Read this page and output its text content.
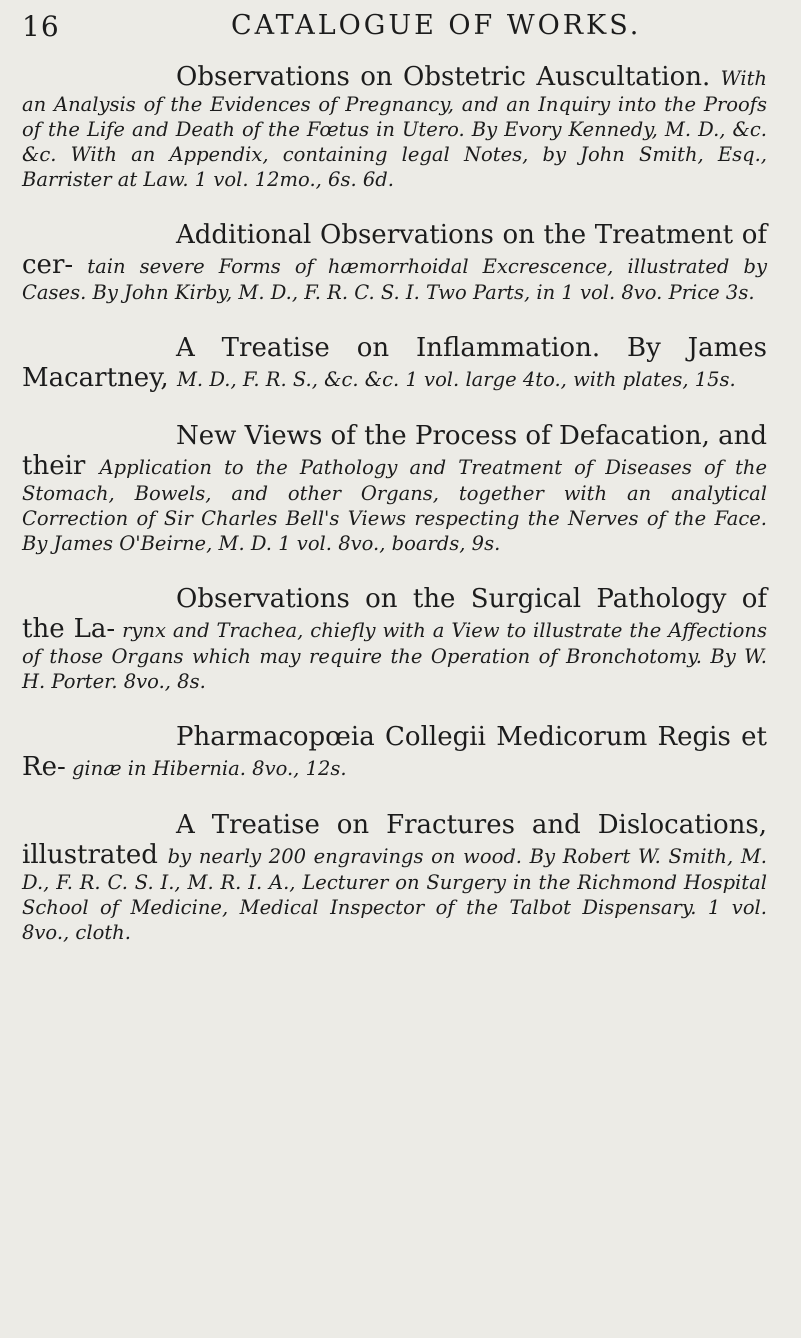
16	CATALOGUE OF WORKS.

Observations on Obstetric Auscultation. With an Analysis of the Evidences of Pregnancy, and an Inquiry into the Proofs of the Life and Death of the Fœtus in Utero. By Evory Kennedy, M. D., &c. &c. With an Appendix, containing legal Notes, by John Smith, Esq., Barrister at Law. 1 vol. 12mo., 6s. 6d.

Additional Observations on the Treatment of cer- tain severe Forms of hæmorrhoidal Excrescence, illustrated by Cases. By John Kirby, M. D., F. R. C. S. I. Two Parts, in 1 vol. 8vo. Price 3s.

A Treatise on Inflammation. By James Macartney, M. D., F. R. S., &c. &c. 1 vol. large 4to., with plates, 15s.

New Views of the Process of Defacation, and their Application to the Pathology and Treatment of Diseases of the Stomach, Bowels, and other Organs, together with an analytical Correction of Sir Charles Bell's Views respecting the Nerves of the Face. By James O'Beirne, M. D. 1 vol. 8vo., boards, 9s.

Observations on the Surgical Pathology of the La- rynx and Trachea, chiefly with a View to illustrate the Affections of those Organs which may require the Operation of Bronchotomy. By W. H. Porter. 8vo., 8s.

Pharmacopœia Collegii Medicorum Regis et Re- ginæ in Hibernia. 8vo., 12s.

A Treatise on Fractures and Dislocations, illustrated by nearly 200 engravings on wood. By Robert W. Smith, M. D., F. R. C. S. I., M. R. I. A., Lecturer on Surgery in the Richmond Hospital School of Medicine, Medical Inspector of the Talbot Dispensary. 1 vol. 8vo., cloth.
